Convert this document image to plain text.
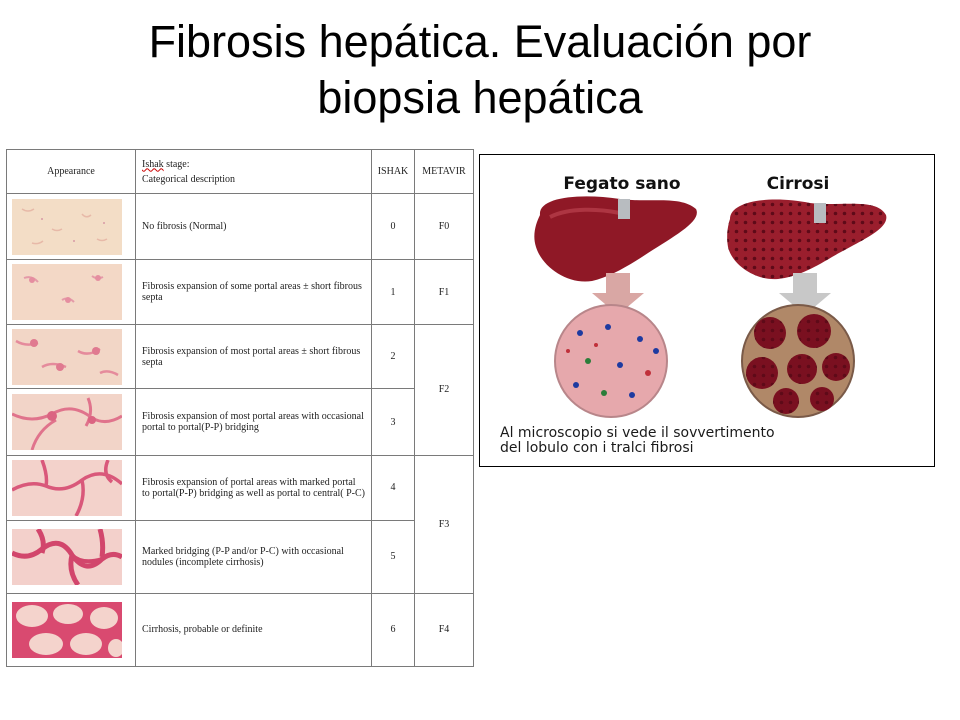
Fibrosis hepática. Evaluación por
biopsia hepática
Appearance	Ishak stage:
Categorical description	ISHAK	METAVIR

	No fibrosis (Normal)	0	F0

	Fibrosis expansion of some portal areas ± short fibrous septa	1	F1

	Fibrosis expansion of most portal areas ± short fibrous septa	2	F2

	Fibrosis expansion of most portal areas with occasional portal to portal(P-P) bridging	3	

	Fibrosis expansion of portal areas with marked portal to portal(P-P) bridging as well as portal to central( P-C)	4	F3

	Marked bridging (P-P and/or P-C) with occasional nodules (incomplete cirrhosis)	5	

	Cirrhosis, probable or definite	6	F4
Fegato sano	Cirrosi
Al microscopio si vede il sovvertimento
del lobulo con i tralci fibrosi
